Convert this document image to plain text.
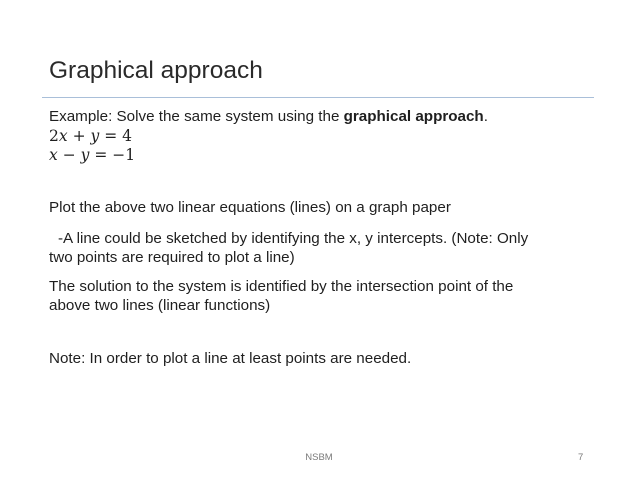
Graphical approach
Example: Solve the same system using the graphical approach.
2x + y = 4
x − y = −1
Plot the above two linear equations (lines) on a graph paper
-A line could be sketched by identifying the x, y intercepts. (Note: Only
two points are required to plot a line)
The solution to the system is identified by the intersection point of the
above two lines (linear functions)
Note: In order to plot a line at least points are needed.
NSBM	7
